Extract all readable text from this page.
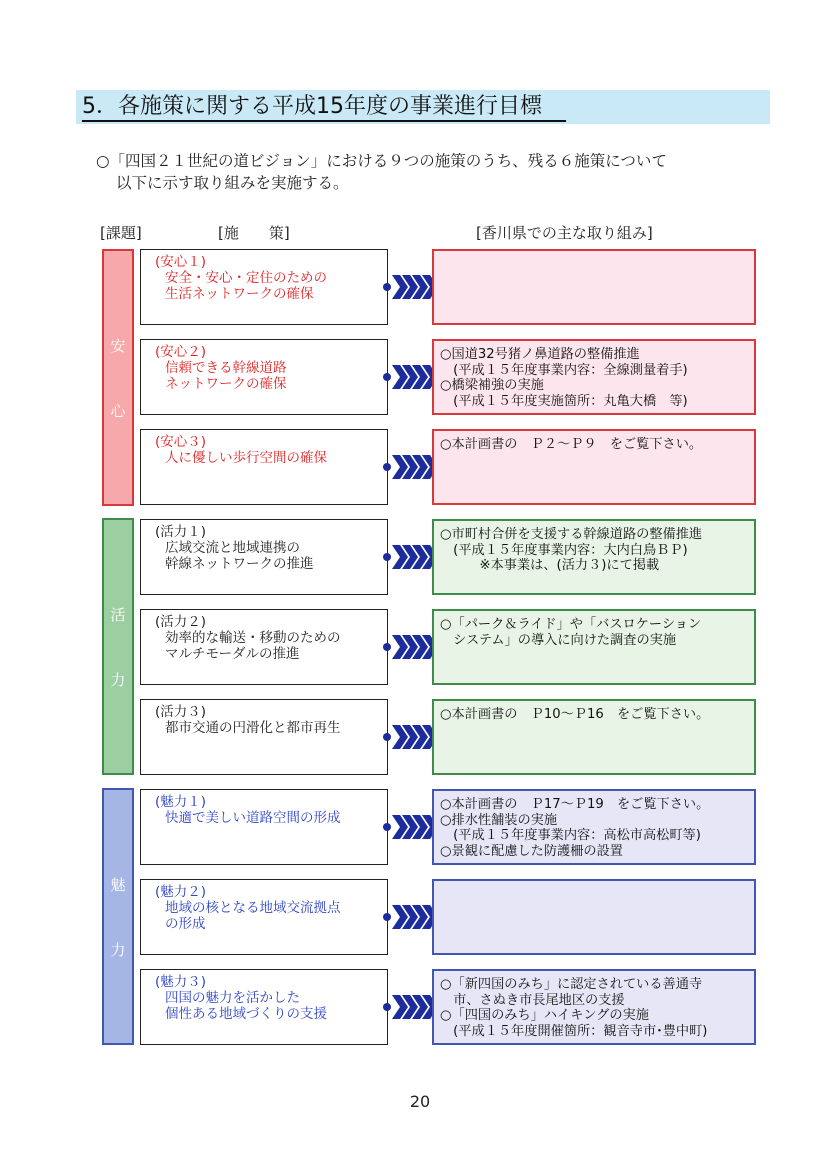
5．各施策に関する平成15年度の事業進行目標
○「四国２１世紀の道ビジョン」における９つの施策のうち、残る６施策について
以下に示す取り組みを実施する。
[課題]	[施　　策]	[香川県での主な取り組み]
安
心
活
力
魅
力
(安心１)
安全・安心・定住のための
生活ネットワークの確保
(安心２)
信頼できる幹線道路
ネットワークの確保
○国道32号猪ノ鼻道路の整備推進
　(平成１５年度事業内容：全線測量着手)
○橋梁補強の実施
　(平成１５年度実施箇所：丸亀大橋　等)
(安心３)
人に優しい歩行空間の確保
○本計画書の　Ｐ２～Ｐ９　をご覧下さい。
(活力１)
広域交流と地域連携の
幹線ネットワークの推進
○市町村合併を支援する幹線道路の整備推進
　(平成１５年度事業内容：大内白鳥ＢＰ)
　　　※本事業は、(活力３)にて掲載
(活力２)
効率的な輸送・移動のための
マルチモーダルの推進
○「パーク＆ライド」や「バスロケーション
　システム」の導入に向けた調査の実施
(活力３)
都市交通の円滑化と都市再生
○本計画書の　Ｐ10～Ｐ16　をご覧下さい。
(魅力１)
快適で美しい道路空間の形成
○本計画書の　Ｐ17～Ｐ19　をご覧下さい。
○排水性舗装の実施
　(平成１５年度事業内容：高松市高松町等)
○景観に配慮した防護柵の設置
(魅力２)
地域の核となる地域交流拠点
の形成
(魅力３)
四国の魅力を活かした
個性ある地域づくりの支援
○「新四国のみち」に認定されている善通寺
　市、さぬき市長尾地区の支援
○「四国のみち」ハイキングの実施
　(平成１５年度開催箇所：観音寺市･豊中町)
20
